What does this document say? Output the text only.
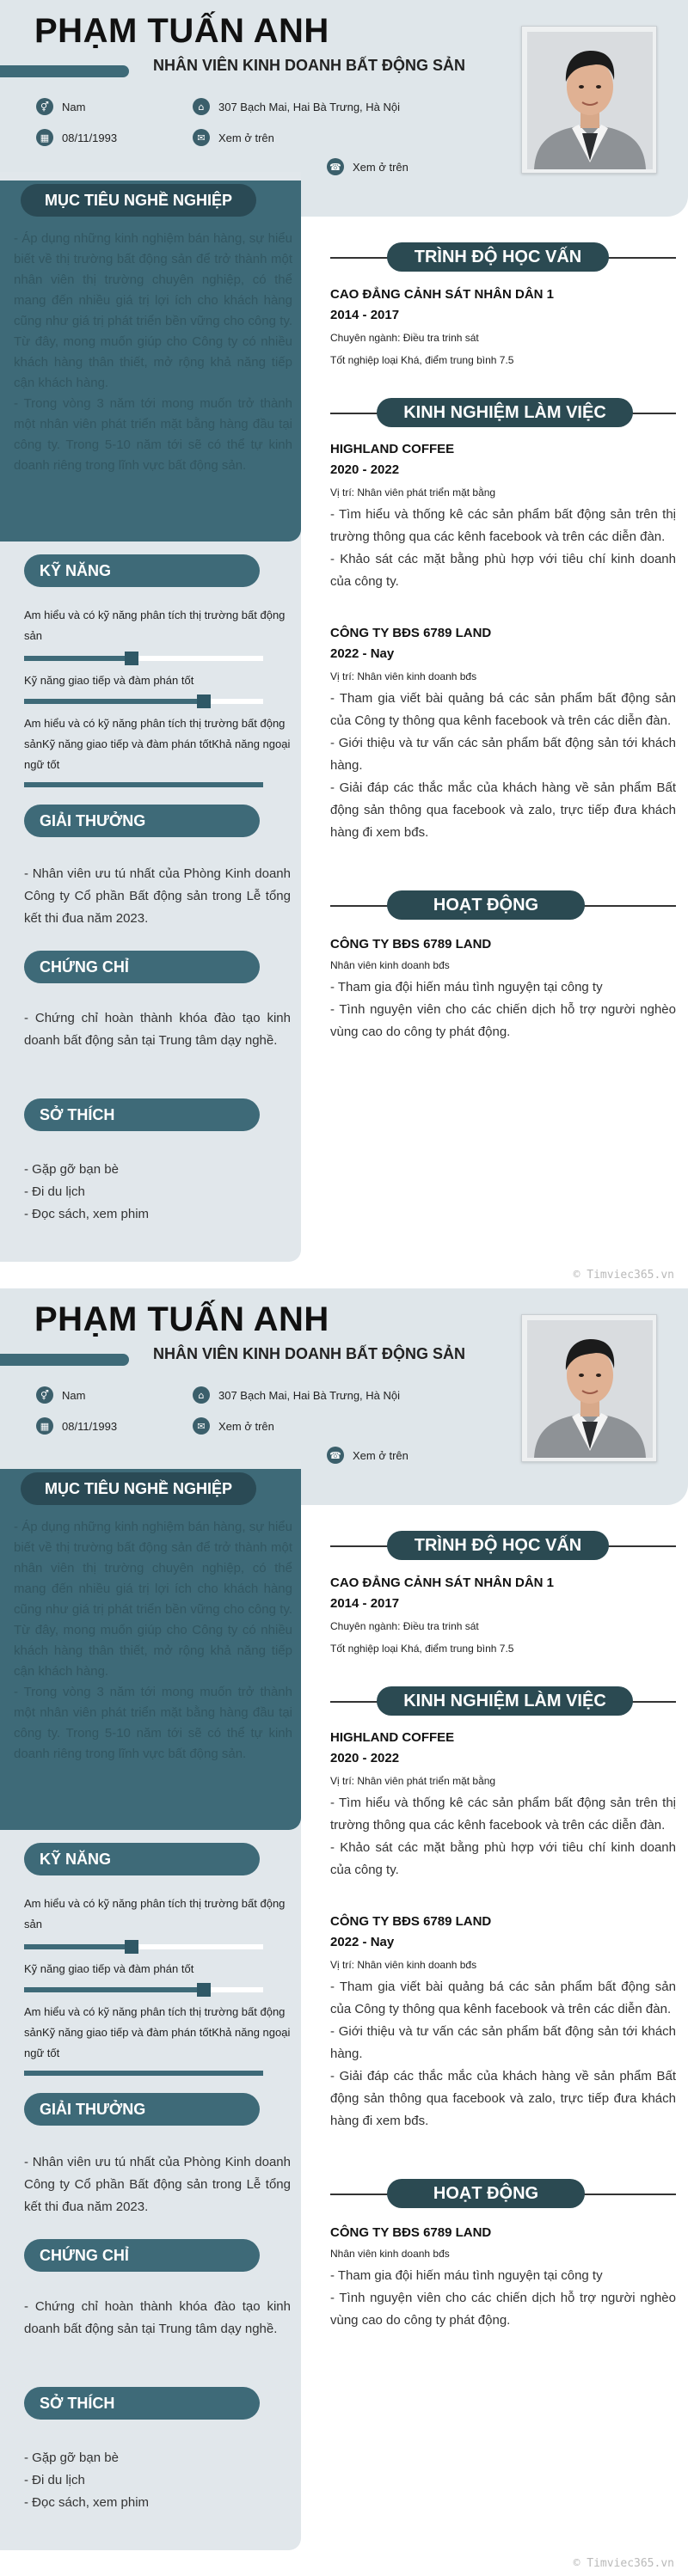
PHẠM TUẤN ANH
NHÂN VIÊN KINH DOANH BẤT ĐỘNG SẢN
⚥	Nam
▦	08/11/1993
⌂	307 Bạch Mai, Hai Bà Trưng, Hà Nội
✉	Xem ở trên
☎ Xem ở trên
MỤC TIÊU NGHỀ NGHIỆP
- Áp dụng những kinh nghiệm bán hàng, sự hiểu biết về thị trường bất động sản để trở thành một nhân viên thị trường chuyên nghiệp, có thể mang đến nhiều giá trị lợi ích cho khách hàng cũng như giá trị phát triển bền vững cho công ty. Từ đây, mong muốn giúp cho Công ty có nhiều khách hàng thân thiết, mở rộng khả năng tiếp cận khách hàng.
- Trong vòng 3 năm tới mong muốn trở thành một nhân viên phát triển mặt bằng hàng đầu tại công ty. Trong 5-10 năm tới sẽ có thể tự kinh doanh riêng trong lĩnh vực bất động sản.
KỸ NĂNG
Am hiểu và có kỹ năng phân tích thị trường bất động sản
Kỹ năng giao tiếp và đàm phán tốt
Am hiểu và có kỹ năng phân tích thị trường bất động sảnKỹ năng giao tiếp và đàm phán tốtKhả năng ngoại ngữ tốt
GIẢI THƯỞNG
- Nhân viên ưu tú nhất của Phòng Kinh doanh Công ty Cổ phần Bất động sản trong Lễ tổng kết thi đua năm 2023.
CHỨNG CHỈ
- Chứng chỉ hoàn thành khóa đào tạo kinh doanh bất động sản tại Trung tâm dạy nghề.
SỞ THÍCH
- Gặp gỡ bạn bè
- Đi du lịch
- Đọc sách, xem phim
TRÌNH ĐỘ HỌC VẤN
CAO ĐẲNG CẢNH SÁT NHÂN DÂN 1
2014 - 2017
Chuyên ngành: Điều tra trinh sát
Tốt nghiệp loại Khá, điểm trung bình 7.5
KINH NGHIỆM LÀM VIỆC
HIGHLAND COFFEE
2020 - 2022
Vị trí: Nhân viên phát triển mặt bằng
- Tìm hiểu và thống kê các sản phẩm bất động sản trên thị trường thông qua các kênh facebook và trên các diễn đàn.
- Khảo sát các mặt bằng phù hợp với tiêu chí kinh doanh của công ty.
CÔNG TY BĐS 6789 LAND
2022 - Nay
Vị trí: Nhân viên kinh doanh bđs
- Tham gia viết bài quảng bá các sản phẩm bất động sản của Công ty thông qua kênh facebook và trên các diễn đàn.
- Giới thiệu và tư vấn các sản phẩm bất động sản tới khách hàng.
- Giải đáp các thắc mắc của khách hàng về sản phẩm Bất động sản thông qua facebook và zalo, trực tiếp đưa khách hàng đi xem bđs.
HOẠT ĐỘNG
CÔNG TY BĐS 6789 LAND
Nhân viên kinh doanh bđs
- Tham gia đội hiến máu tình nguyện tại công ty
- Tình nguyện viên cho các chiến dịch hỗ trợ người nghèo vùng cao do công ty phát động.
© Timviec365.vn
PHẠM TUẤN ANH
NHÂN VIÊN KINH DOANH BẤT ĐỘNG SẢN
⚥	Nam
▦	08/11/1993
⌂	307 Bạch Mai, Hai Bà Trưng, Hà Nội
✉	Xem ở trên
☎ Xem ở trên
MỤC TIÊU NGHỀ NGHIỆP
- Áp dụng những kinh nghiệm bán hàng, sự hiểu biết về thị trường bất động sản để trở thành một nhân viên thị trường chuyên nghiệp, có thể mang đến nhiều giá trị lợi ích cho khách hàng cũng như giá trị phát triển bền vững cho công ty. Từ đây, mong muốn giúp cho Công ty có nhiều khách hàng thân thiết, mở rộng khả năng tiếp cận khách hàng.
- Trong vòng 3 năm tới mong muốn trở thành một nhân viên phát triển mặt bằng hàng đầu tại công ty. Trong 5-10 năm tới sẽ có thể tự kinh doanh riêng trong lĩnh vực bất động sản.
KỸ NĂNG
Am hiểu và có kỹ năng phân tích thị trường bất động sản
Kỹ năng giao tiếp và đàm phán tốt
Am hiểu và có kỹ năng phân tích thị trường bất động sảnKỹ năng giao tiếp và đàm phán tốtKhả năng ngoại ngữ tốt
GIẢI THƯỞNG
- Nhân viên ưu tú nhất của Phòng Kinh doanh Công ty Cổ phần Bất động sản trong Lễ tổng kết thi đua năm 2023.
CHỨNG CHỈ
- Chứng chỉ hoàn thành khóa đào tạo kinh doanh bất động sản tại Trung tâm dạy nghề.
SỞ THÍCH
- Gặp gỡ bạn bè
- Đi du lịch
- Đọc sách, xem phim
TRÌNH ĐỘ HỌC VẤN
CAO ĐẲNG CẢNH SÁT NHÂN DÂN 1
2014 - 2017
Chuyên ngành: Điều tra trinh sát
Tốt nghiệp loại Khá, điểm trung bình 7.5
KINH NGHIỆM LÀM VIỆC
HIGHLAND COFFEE
2020 - 2022
Vị trí: Nhân viên phát triển mặt bằng
- Tìm hiểu và thống kê các sản phẩm bất động sản trên thị trường thông qua các kênh facebook và trên các diễn đàn.
- Khảo sát các mặt bằng phù hợp với tiêu chí kinh doanh của công ty.
CÔNG TY BĐS 6789 LAND
2022 - Nay
Vị trí: Nhân viên kinh doanh bđs
- Tham gia viết bài quảng bá các sản phẩm bất động sản của Công ty thông qua kênh facebook và trên các diễn đàn.
- Giới thiệu và tư vấn các sản phẩm bất động sản tới khách hàng.
- Giải đáp các thắc mắc của khách hàng về sản phẩm Bất động sản thông qua facebook và zalo, trực tiếp đưa khách hàng đi xem bđs.
HOẠT ĐỘNG
CÔNG TY BĐS 6789 LAND
Nhân viên kinh doanh bđs
- Tham gia đội hiến máu tình nguyện tại công ty
- Tình nguyện viên cho các chiến dịch hỗ trợ người nghèo vùng cao do công ty phát động.
© Timviec365.vn
